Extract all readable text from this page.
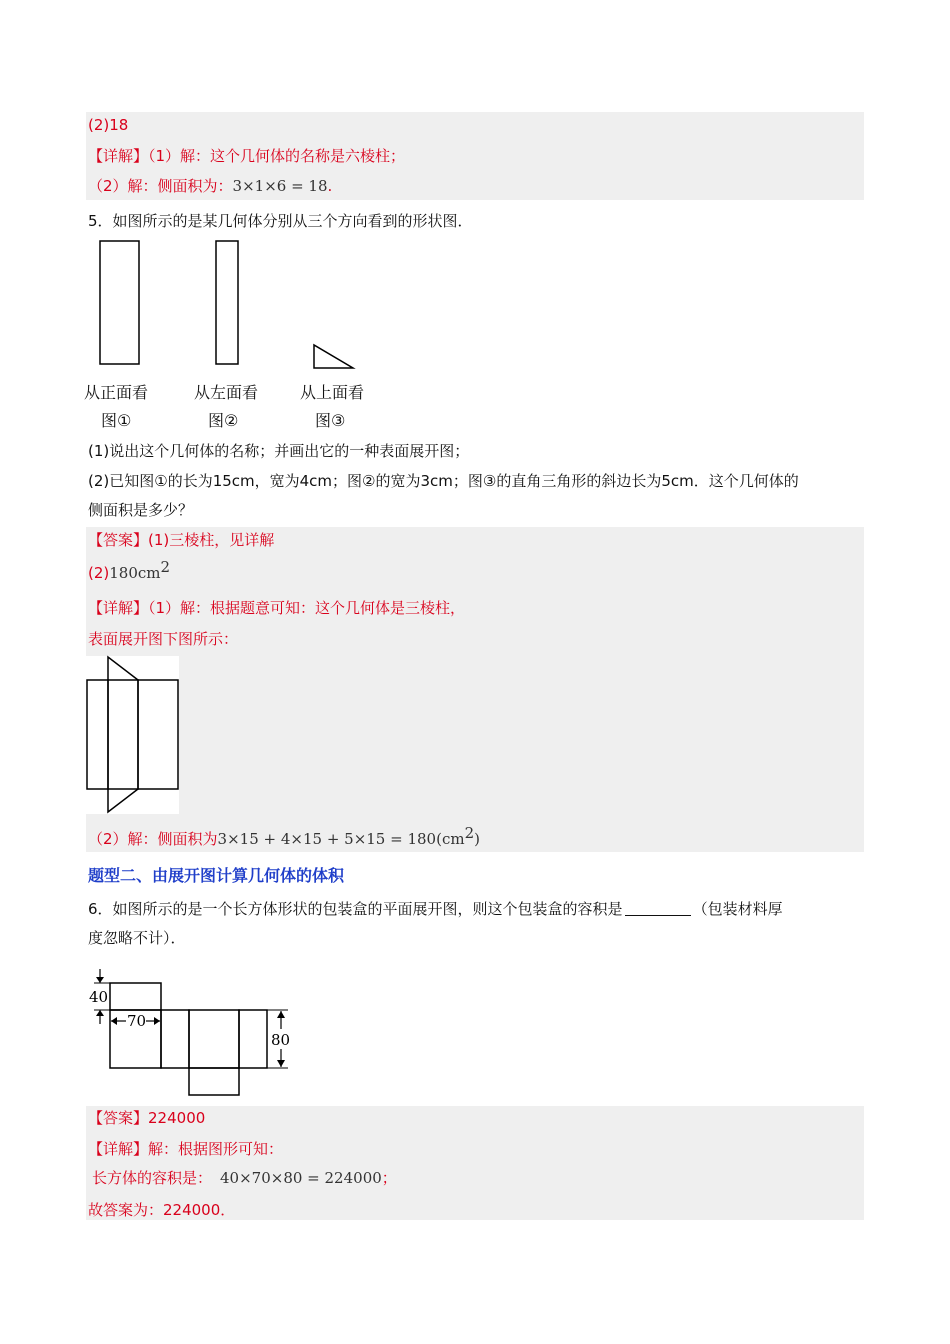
(2)18
【详解】（1）解：这个几何体的名称是六棱柱；
（2）解：侧面积为：3×1×6 = 18.
5．如图所示的是某几何体分别从三个方向看到的形状图．
从正面看	从左面看	从上面看
图①	图②	图③
(1)说出这个几何体的名称；并画出它的一种表面展开图；
(2)已知图①的长为15cm，宽为4cm；图②的宽为3cm；图③的直角三角形的斜边长为5cm．这个几何体的
侧面积是多少？
【答案】(1)三棱柱，见详解
$(2)180cm^2$
【详解】（1）解：根据题意可知：这个几何体是三棱柱，
表面展开图下图所示：
（2）解：侧面积为$3\times 15 + 4\times 15 + 5\times 15 = 180(cm^2)$
题型二、由展开图计算几何体的体积
6．如图所示的是一个长方体形状的包装盒的平面展开图，则这个包装盒的容积是	（包装材料厚
度忽略不计）．
40
70
80
【答案】224000
【详解】解：根据图形可知：
长方体的容积是： 40×70×80 = 224000；
故答案为：224000．
